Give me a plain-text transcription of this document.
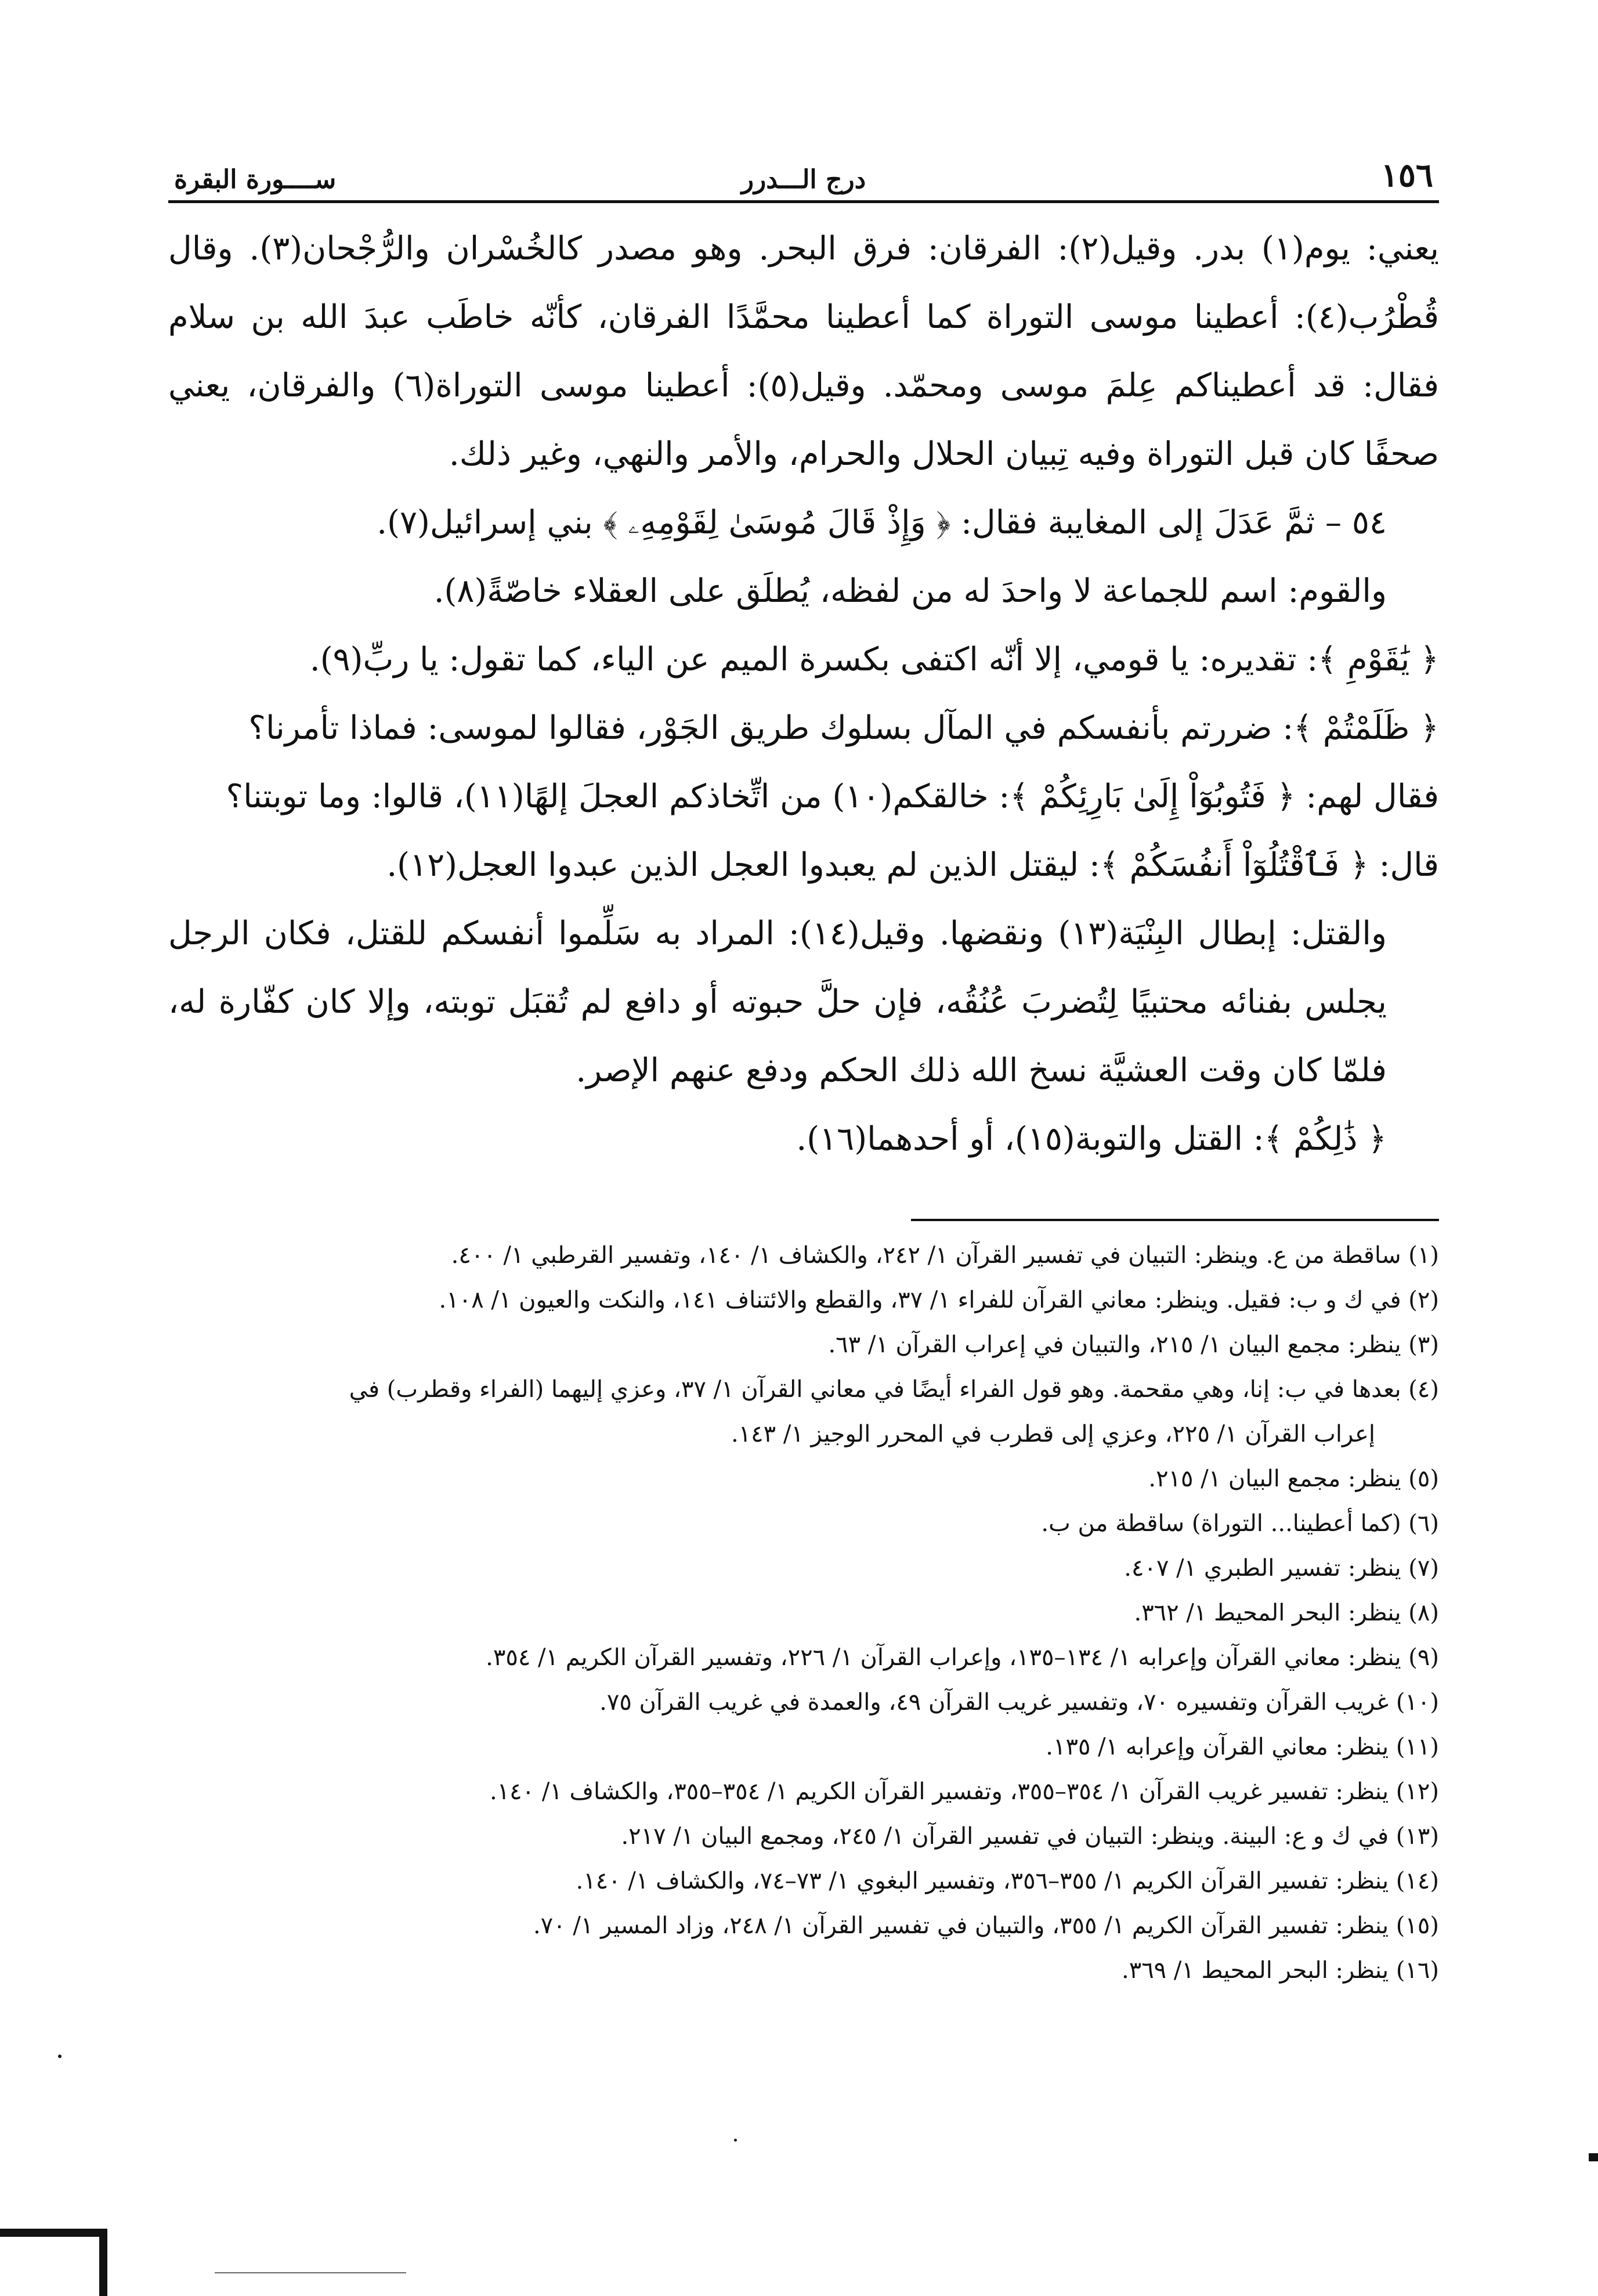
١٥٦
درج الـــدرر
ســــورة البقرة

يعني: يوم(١) بدر. وقيل(٢): الفرقان: فرق البحر. وهو مصدر كالخُسْران والرُّجْحان(٣). وقال قُطْرُب(٤): أعطينا موسى التوراة كما أعطينا محمَّدًا الفرقان، كأنّه خاطَب عبدَ الله بن سلام فقال: قد أعطيناكم عِلمَ موسى ومحمّد. وقيل(٥): أعطينا موسى التوراة(٦) والفرقان، يعني صحفًا كان قبل التوراة وفيه تِبيان الحلال والحرام، والأمر والنهي، وغير ذلك.

٥٤ – ثمَّ عَدَلَ إلى المغايبة فقال: ﴿ وَإِذْ قَالَ مُوسَىٰ لِقَوْمِهِۦ ﴾ بني إسرائيل(٧).

والقوم: اسم للجماعة لا واحدَ له من لفظه، يُطلَق على العقلاء خاصّةً(٨).

﴿ يَٰقَوْمِ ﴾: تقديره: يا قومي، إلا أنّه اكتفى بكسرة الميم عن الياء، كما تقول: يا ربِّ(٩).

﴿ ظَلَمْتُمْ ﴾: ضررتم بأنفسكم في المآل بسلوك طريق الجَوْر، فقالوا لموسى: فماذا تأمرنا؟

فقال لهم: ﴿ فَتُوبُوٓاْ إِلَىٰ بَارِئِكُمْ ﴾: خالقكم(١٠) من اتِّخاذكم العجلَ إلهًا(١١)، قالوا: وما توبتنا؟

قال: ﴿ فَٱقْتُلُوٓاْ أَنفُسَكُمْ ﴾: ليقتل الذين لم يعبدوا العجل الذين عبدوا العجل(١٢).

والقتل: إبطال البِنْيَة(١٣) ونقضها. وقيل(١٤): المراد به سَلِّموا أنفسكم للقتل، فكان الرجل يجلس بفنائه محتبيًا لِتُضربَ عُنُقُه، فإن حلَّ حبوته أو دافع لم تُقبَل توبته، وإلا كان كفّارة له، فلمّا كان وقت العشيَّة نسخ الله ذلك الحكم ودفع عنهم الإصر.

﴿ ذَٰلِكُمْ ﴾: القتل والتوبة(١٥)، أو أحدهما(١٦).

(١) ساقطة من ع. وينظر: التبيان في تفسير القرآن ١/ ٢٤٢، والكشاف ١/ ١٤٠، وتفسير القرطبي ١/ ٤٠٠.
(٢) في ك و ب: فقيل. وينظر: معاني القرآن للفراء ١/ ٣٧، والقطع والائتناف ١٤١، والنكت والعيون ١/ ١٠٨.
(٣) ينظر: مجمع البيان ١/ ٢١٥، والتبيان في إعراب القرآن ١/ ٦٣.
(٤) بعدها في ب: إنا، وهي مقحمة. وهو قول الفراء أيضًا في معاني القرآن ١/ ٣٧، وعزي إليهما (الفراء وقطرب) في
إعراب القرآن ١/ ٢٢٥، وعزي إلى قطرب في المحرر الوجيز ١/ ١٤٣.
(٥) ينظر: مجمع البيان ١/ ٢١٥.
(٦) (كما أعطينا... التوراة) ساقطة من ب.
(٧) ينظر: تفسير الطبري ١/ ٤٠٧.
(٨) ينظر: البحر المحيط ١/ ٣٦٢.
(٩) ينظر: معاني القرآن وإعرابه ١/ ١٣٤–١٣٥، وإعراب القرآن ١/ ٢٢٦، وتفسير القرآن الكريم ١/ ٣٥٤.
(١٠) غريب القرآن وتفسيره ٧٠، وتفسير غريب القرآن ٤٩، والعمدة في غريب القرآن ٧٥.
(١١) ينظر: معاني القرآن وإعرابه ١/ ١٣٥.
(١٢) ينظر: تفسير غريب القرآن ١/ ٣٥٤–٣٥٥، وتفسير القرآن الكريم ١/ ٣٥٤–٣٥٥، والكشاف ١/ ١٤٠.
(١٣) في ك و ع: البينة. وينظر: التبيان في تفسير القرآن ١/ ٢٤٥، ومجمع البيان ١/ ٢١٧.
(١٤) ينظر: تفسير القرآن الكريم ١/ ٣٥٥–٣٥٦، وتفسير البغوي ١/ ٧٣–٧٤، والكشاف ١/ ١٤٠.
(١٥) ينظر: تفسير القرآن الكريم ١/ ٣٥٥، والتبيان في تفسير القرآن ١/ ٢٤٨، وزاد المسير ١/ ٧٠.
(١٦) ينظر: البحر المحيط ١/ ٣٦٩.
